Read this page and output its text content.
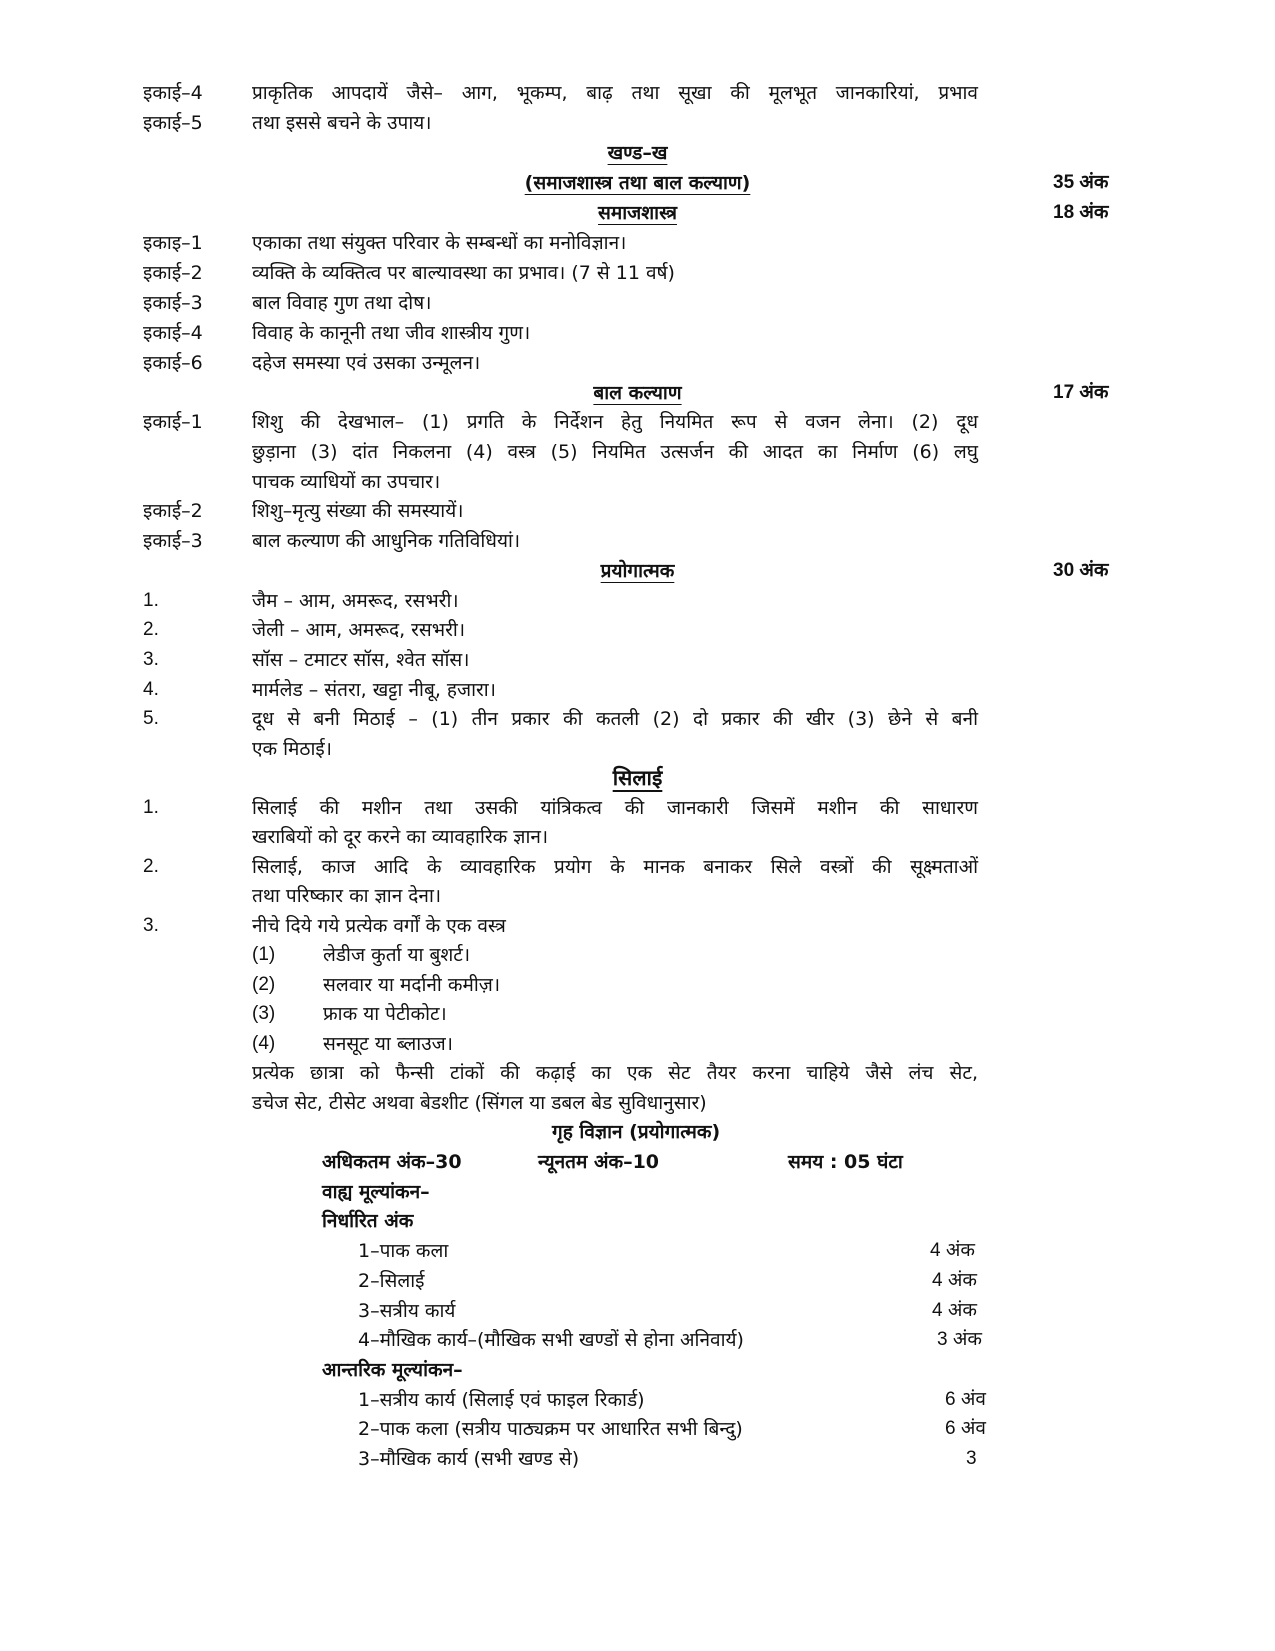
इकाई–4	प्राकृतिक आपदायें जैसे– आग, भूकम्प, बाढ़ तथा सूखा की मूलभूत जानकारियां, प्रभाव
इकाई–5	तथा इससे बचने के उपाय।
खण्ड–ख
(समाजशास्त्र तथा बाल कल्याण)	35 अंक
समाजशास्त्र	18 अंक
इकाइ–1	एकाका तथा संयुक्त परिवार के सम्बन्धों का मनोविज्ञान।
इकाई–2	व्यक्ति के व्यक्तित्व पर बाल्यावस्था का प्रभाव। (7 से 11 वर्ष)
इकाई–3	बाल विवाह गुण तथा दोष।
इकाई–4	विवाह के कानूनी तथा जीव शास्त्रीय गुण।
इकाई–6	दहेज समस्या एवं उसका उन्मूलन।
बाल कल्याण	17 अंक
इकाई–1	शिशु की देखभाल– (1) प्रगति के निर्देशन हेतु नियमित रूप से वजन लेना। (2) दूध
छुड़ाना (3) दांत निकलना (4) वस्त्र (5) नियमित उत्सर्जन की आदत का निर्माण (6) लघु
पाचक व्याधियों का उपचार।
इकाई–2	शिशु–मृत्यु संख्या की समस्यायें।
इकाई–3	बाल कल्याण की आधुनिक गतिविधियां।
प्रयोगात्मक	30 अंक
1.	जैम – आम, अमरूद, रसभरी।
2.	जेली – आम, अमरूद, रसभरी।
3.	सॉस – टमाटर सॉस, श्वेत सॉस।
4.	मार्मलेड – संतरा, खट्टा नीबू, हजारा।
5.	दूध से बनी मिठाई – (1) तीन प्रकार की कतली (2) दो प्रकार की खीर (3) छेने से बनी
एक मिठाई।
सिलाई
1.	सिलाई की मशीन तथा उसकी यांत्रिकत्व की जानकारी जिसमें मशीन की साधारण
खराबियों को दूर करने का व्यावहारिक ज्ञान।
2.	सिलाई, काज आदि के व्यावहारिक प्रयोग के मानक बनाकर सिले वस्त्रों की सूक्ष्मताओं
तथा परिष्कार का ज्ञान देना।
3.	नीचे दिये गये प्रत्येक वर्गों के एक वस्त्र
(1)	लेडीज कुर्ता या बुशर्ट।
(2)	सलवार या मर्दानी कमीज़।
(3)	फ्राक या पेटीकोट।
(4)	सनसूट या ब्लाउज।
प्रत्येक छात्रा को फैन्सी टांकों की कढ़ाई का एक सेट तैयर करना चाहिये जैसे लंच सेट,
डचेज सेट, टीसेट अथवा बेडशीट (सिंगल या डबल बेड सुविधानुसार)
गृह विज्ञान (प्रयोगात्मक)
अधिकतम अंक–30	न्यूनतम अंक–10	समय : 05 घंटा
वाह्य मूल्यांकन–
निर्धारित अंक
1–पाक कला	4 अंक
2–सिलाई	4 अंक
3–सत्रीय कार्य	4 अंक
4–मौखिक कार्य–(मौखिक सभी खण्डों से होना अनिवार्य)	3 अंक
आन्तरिक मूल्यांकन–
1–सत्रीय कार्य (सिलाई एवं फाइल रिकार्ड)	6 अंव
2–पाक कला (सत्रीय पाठ्यक्रम पर आधारित सभी बिन्दु)	6 अंव
3–मौखिक कार्य (सभी खण्ड से)	3
